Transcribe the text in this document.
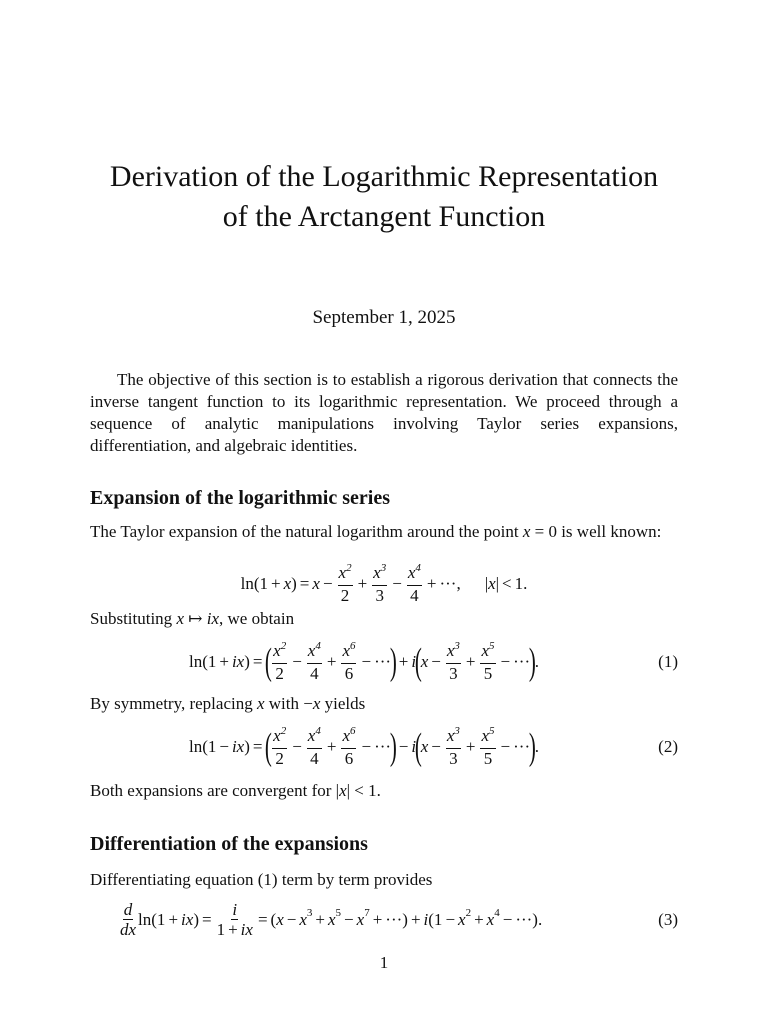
Derivation of the Logarithmic Representation
of the Arctangent Function
September 1, 2025
The objective of this section is to establish a rigorous derivation that connects the inverse tangent function to its logarithmic representation. We proceed through a sequence of analytic manipulations involving Taylor series expansions, differentiation, and algebraic identities.
Expansion of the logarithmic series
The Taylor expansion of the natural logarithm around the point x = 0 is well known:
ln(1 + x ) = $x - \frac{x^2}{2} + \frac{x^3}{3} - \frac{x^4}{4}$ + ··· , |x| < 1.
Substituting x ↦ ix, we obtain
ln(1 + ix ) = ( $\frac{x^2}{2} - \frac{x^4}{4} + \frac{x^6}{6}$ − ···
) + i
(
$x - \frac{x^3}{3} + \frac{x^5}{5}$ − ···
)
.	(1)
By symmetry, replacing x with −x yields
ln(1 − ix ) = ( $\frac{x^2}{2} - \frac{x^4}{4} + \frac{x^6}{6}$ − ···
) − i
(
$x - \frac{x^3}{3} + \frac{x^5}{5}$ − ···
)
.	(2)
Both expansions are convergent for |x| < 1.
Differentiation of the expansions
Differentiating equation (1) term by term provides
$\frac{d}{dx} \ln(1$ + ix ) = $\frac{i}{1 + ix} = (x - x^3 + x^5 - x^7$ + ···) + i ($1 - x^2 + x^4$ − ···).	(3)
1
